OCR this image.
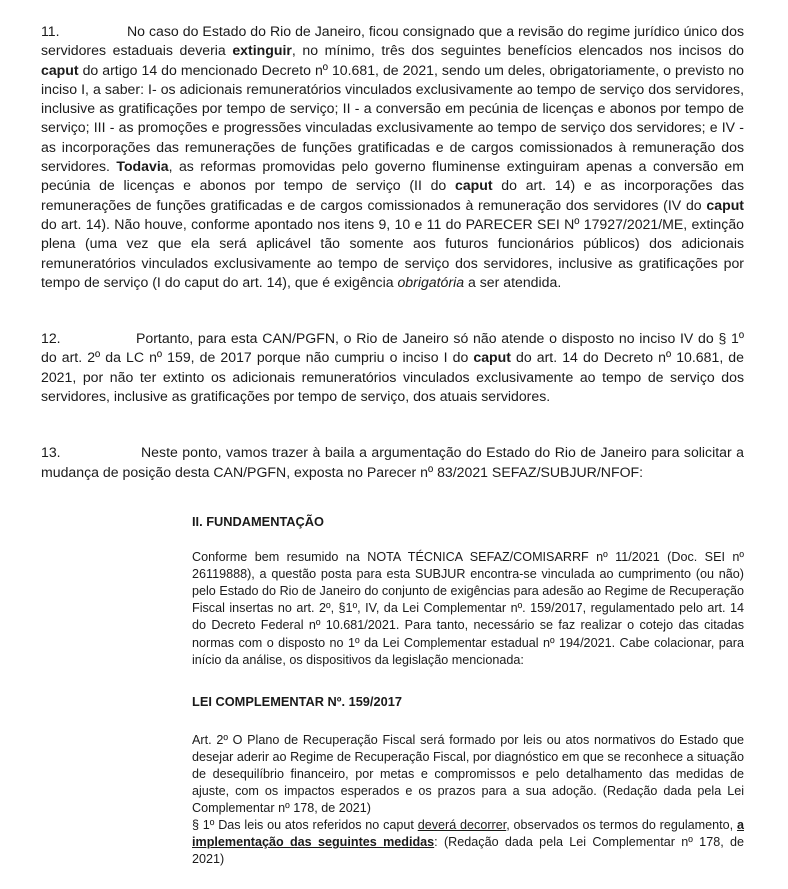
11.	No caso do Estado do Rio de Janeiro, ficou consignado que a revisão do regime jurídico único dos servidores estaduais deveria extinguir, no mínimo, três dos seguintes benefícios elencados nos incisos do caput do artigo 14 do mencionado Decreto nº 10.681, de 2021, sendo um deles, obrigatoriamente, o previsto no inciso I, a saber: I- os adicionais remuneratórios vinculados exclusivamente ao tempo de serviço dos servidores, inclusive as gratificações por tempo de serviço; II - a conversão em pecúnia de licenças e abonos por tempo de serviço; III - as promoções e progressões vinculadas exclusivamente ao tempo de serviço dos servidores; e IV - as incorporações das remunerações de funções gratificadas e de cargos comissionados à remuneração dos servidores. Todavia, as reformas promovidas pelo governo fluminense extinguiram apenas a conversão em pecúnia de licenças e abonos por tempo de serviço (II do caput do art. 14) e as incorporações das remunerações de funções gratificadas e de cargos comissionados à remuneração dos servidores (IV do caput do art. 14). Não houve, conforme apontado nos itens 9, 10 e 11 do PARECER SEI Nº 17927/2021/ME, extinção plena (uma vez que ela será aplicável tão somente aos futuros funcionários públicos) dos adicionais remuneratórios vinculados exclusivamente ao tempo de serviço dos servidores, inclusive as gratificações por tempo de serviço (I do caput do art. 14), que é exigência obrigatória a ser atendida.

12.	Portanto, para esta CAN/PGFN, o Rio de Janeiro só não atende o disposto no inciso IV do § 1º do art. 2º da LC nº 159, de 2017 porque não cumpriu o inciso I do caput do art. 14 do Decreto nº 10.681, de 2021, por não ter extinto os adicionais remuneratórios vinculados exclusivamente ao tempo de serviço dos servidores, inclusive as gratificações por tempo de serviço, dos atuais servidores.

13.	Neste ponto, vamos trazer à baila a argumentação do Estado do Rio de Janeiro para solicitar a mudança de posição desta CAN/PGFN, exposta no Parecer nº 83/2021 SEFAZ/SUBJUR/NFOF:

II. FUNDAMENTAÇÃO

Conforme bem resumido na NOTA TÉCNICA SEFAZ/COMISARRF nº 11/2021 (Doc. SEI nº 26119888), a questão posta para esta SUBJUR encontra-se vinculada ao cumprimento (ou não) pelo Estado do Rio de Janeiro do conjunto de exigências para adesão ao Regime de Recuperação Fiscal insertas no art. 2º, §1º, IV, da Lei Complementar nº. 159/2017, regulamentado pelo art. 14 do Decreto Federal nº 10.681/2021. Para tanto, necessário se faz realizar o cotejo das citadas normas com o disposto no 1º da Lei Complementar estadual nº 194/2021. Cabe colacionar, para início da análise, os dispositivos da legislação mencionada:

LEI COMPLEMENTAR Nº. 159/2017

Art. 2º O Plano de Recuperação Fiscal será formado por leis ou atos normativos do Estado que desejar aderir ao Regime de Recuperação Fiscal, por diagnóstico em que se reconhece a situação de desequilíbrio financeiro, por metas e compromissos e pelo detalhamento das medidas de ajuste, com os impactos esperados e os prazos para a sua adoção. (Redação dada pela Lei Complementar nº 178, de 2021)

§ 1º Das leis ou atos referidos no caput deverá decorrer, observados os termos do regulamento, a implementação das seguintes medidas: (Redação dada pela Lei Complementar nº 178, de 2021)
